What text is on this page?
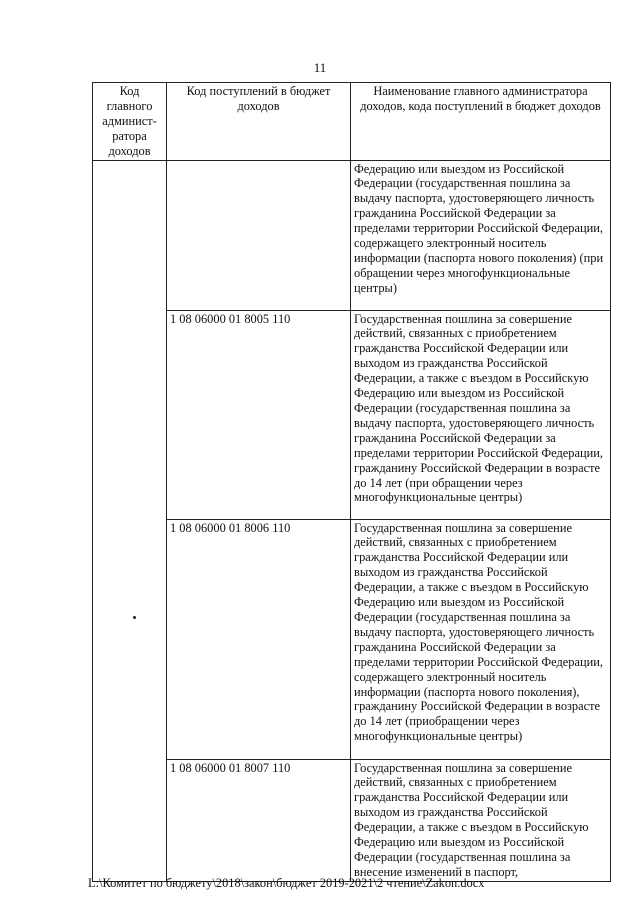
11
Код главного админист-ратора доходов	Код поступлений в бюджет доходов	Наименование главного администратора доходов, кода поступлений в бюджет доходов

		Федерацию или выездом из Российской Федерации (государственная пошлина за выдачу паспорта, удостоверяющего личность гражданина Российской Федерации за пределами территории Российской Федерации, содержащего электронный носитель информации (паспорта нового поколения) (при обращении через многофункциональные центры)
	1 08 06000 01 8005 110	Государственная пошлина за совершение действий, связанных с приобретением гражданства Российской Федерации или выходом из гражданства Российской Федерации, а также с въездом в Российскую Федерацию или выездом из Российской Федерации (государственная пошлина за выдачу паспорта, удостоверяющего личность гражданина Российской Федерации за пределами территории Российской Федерации, гражданину Российской Федерации в возрасте до 14 лет (при обращении через многофункциональные центры)
	1 08 06000 01 8006 110	Государственная пошлина за совершение действий, связанных с приобретением гражданства Российской Федерации или выходом из гражданства Российской Федерации, а также с въездом в Российскую Федерацию или выездом из Российской Федерации (государственная пошлина за выдачу паспорта, удостоверяющего личность гражданина Российской Федерации за пределами территории Российской Федерации, содержащего электронный носитель информации (паспорта нового поколения), гражданину Российской Федерации в возрасте до 14 лет (приобращении через многофункциональные центры)
	1 08 06000 01 8007 110	Государственная пошлина за совершение действий, связанных с приобретением гражданства Российской Федерации или выходом из гражданства Российской Федерации, а также с въездом в Российскую Федерацию или выездом из Российской Федерации (государственная пошлина за внесение изменений в паспорт,
L:\Комитет по бюджету\2018\закон\бюджет 2019-2021\2 чтение\Zakon.docx
